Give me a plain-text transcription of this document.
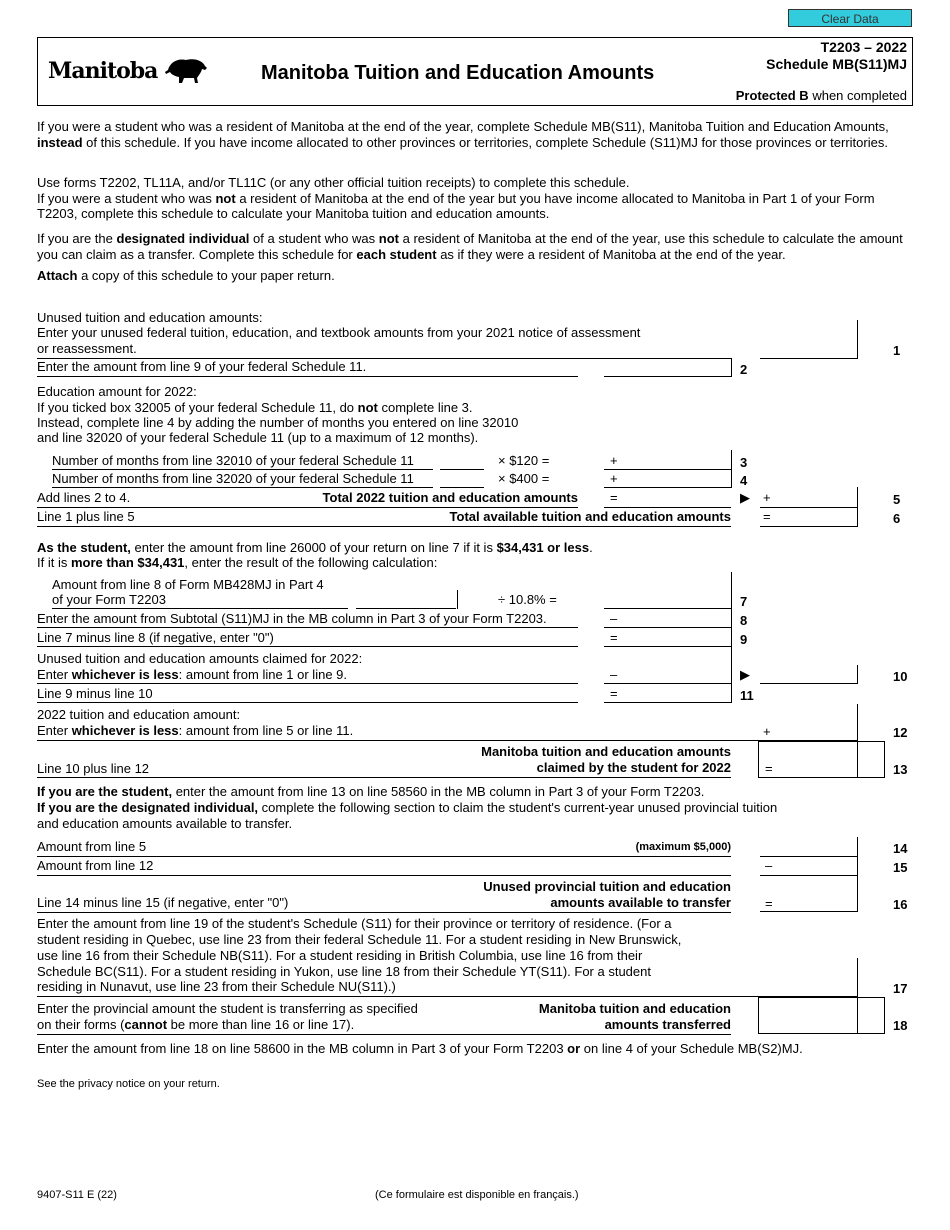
Clear Data
Manitoba	Manitoba Tuition and Education Amounts
T2203 – 2022
Schedule MB(S11)MJ
Protected B when completed
If you were a student who was a resident of Manitoba at the end of the year, complete Schedule MB(S11), Manitoba Tuition and Education Amounts, instead of this schedule. If you have income allocated to other provinces or territories, complete Schedule (S11)MJ for those provinces or territories.
Use forms T2202, TL11A, and/or TL11C (or any other official tuition receipts) to complete this schedule.
If you were a student who was not a resident of Manitoba at the end of the year but you have income allocated to Manitoba in Part 1 of your Form T2203, complete this schedule to calculate your Manitoba tuition and education amounts.
If you are the designated individual of a student who was not a resident of Manitoba at the end of the year, use this schedule to calculate the amount you can claim as a transfer. Complete this schedule for each student as if they were a resident of Manitoba at the end of the year.
Attach a copy of this schedule to your paper return.
Unused tuition and education amounts:
Enter your unused federal tuition, education, and textbook amounts from your 2021 notice of assessment
or reassessment.	1
Enter the amount from line 9 of your federal Schedule 11.	2
Education amount for 2022:
If you ticked box 32005 of your federal Schedule 11, do not complete line 3.
Instead, complete line 4 by adding the number of months you entered on line 32010
and line 32020 of your federal Schedule 11 (up to a maximum of 12 months).
Number of months from line 32010 of your federal Schedule 11	× $120 =	+	3
Number of months from line 32020 of your federal Schedule 11	× $400 =	+	4
Add lines 2 to 4.	Total 2022 tuition and education amounts =	▶ +	5
Line 1 plus line 5	Total available tuition and education amounts =	6
As the student, enter the amount from line 26000 of your return on line 7 if it is $34,431 or less.
If it is more than $34,431, enter the result of the following calculation:
Amount from line 8 of Form MB428MJ in Part 4
of your Form T2203	÷ 10.8% =	7
Enter the amount from Subtotal (S11)MJ in the MB column in Part 3 of your Form T2203.	–	8
Line 7 minus line 8 (if negative, enter "0")	=	9
Unused tuition and education amounts claimed for 2022:
Enter whichever is less: amount from line 1 or line 9.	–	▶	10
Line 9 minus line 10	=	11
2022 tuition and education amount:
Enter whichever is less: amount from line 5 or line 11.	+	12
Line 10 plus line 12
Manitoba tuition and education amounts
claimed by the student for 2022	=	13
If you are the student, enter the amount from line 13 on line 58560 in the MB column in Part 3 of your Form T2203.
If you are the designated individual, complete the following section to claim the student's current-year unused provincial tuition
and education amounts available to transfer.
Amount from line 5	(maximum $5,000)	14
Amount from line 12	–	15
Line 14 minus line 15 (if negative, enter "0")
Unused provincial tuition and education
amounts available to transfer	=	16
Enter the amount from line 19 of the student's Schedule (S11) for their province or territory of residence. (For a
student residing in Quebec, use line 23 from their federal Schedule 11. For a student residing in New Brunswick,
use line 16 from their Schedule NB(S11). For a student residing in British Columbia, use line 16 from their
Schedule BC(S11). For a student residing in Yukon, use line 18 from their Schedule YT(S11). For a student
residing in Nunavut, use line 23 from their Schedule NU(S11).)	17
Enter the provincial amount the student is transferring as specified
on their forms (cannot be more than line 16 or line 17).
Manitoba tuition and education
amounts transferred	18
Enter the amount from line 18 on line 58600 in the MB column in Part 3 of your Form T2203 or on line 4 of your Schedule MB(S2)MJ.
See the privacy notice on your return.
9407-S11 E (22)	(Ce formulaire est disponible en français.)
